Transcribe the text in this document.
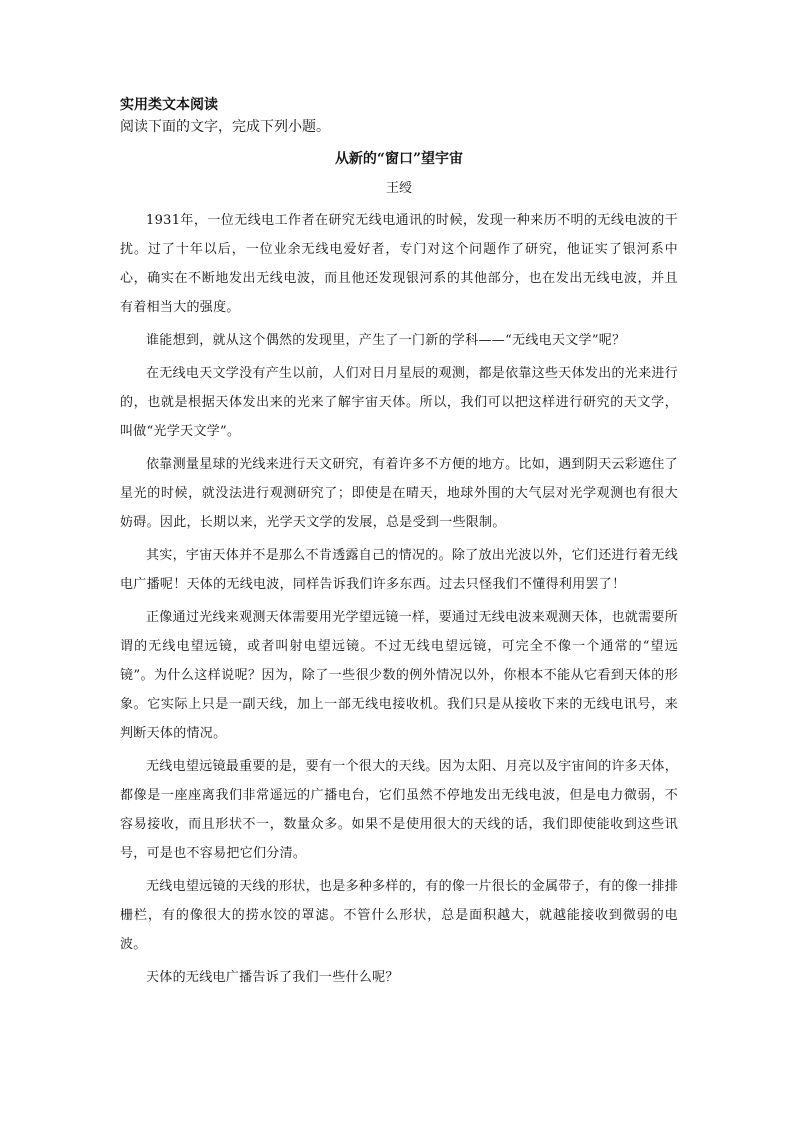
实用类文本阅读

阅读下面的文字，完成下列小题。

从新的“窗口”望宇宙

王绶

1931年，一位无线电工作者在研究无线电通讯的时候，发现一种来历不明的无线电波的干扰。过了十年以后，一位业余无线电爱好者，专门对这个问题作了研究，他证实了银河系中心，确实在不断地发出无线电波，而且他还发现银河系的其他部分，也在发出无线电波，并且有着相当大的强度。

谁能想到，就从这个偶然的发现里，产生了一门新的学科——“无线电天文学”呢？

在无线电天文学没有产生以前，人们对日月星辰的观测，都是依靠这些天体发出的光来进行的，也就是根据天体发出来的光来了解宇宙天体。所以，我们可以把这样进行研究的天文学，叫做“光学天文学”。

依靠测量星球的光线来进行天文研究，有着许多不方便的地方。比如，遇到阴天云彩遮住了星光的时候，就没法进行观测研究了；即使是在晴天，地球外围的大气层对光学观测也有很大妨碍。因此，长期以来，光学天文学的发展，总是受到一些限制。

其实，宇宙天体并不是那么不肯透露自己的情况的。除了放出光波以外，它们还进行着无线电广播呢！天体的无线电波，同样告诉我们许多东西。过去只怪我们不懂得利用罢了！

正像通过光线来观测天体需要用光学望远镜一样，要通过无线电波来观测天体，也就需要所谓的无线电望远镜，或者叫射电望远镜。不过无线电望远镜，可完全不像一个通常的“望远镜”。为什么这样说呢？因为，除了一些很少数的例外情况以外，你根本不能从它看到天体的形象。它实际上只是一副天线，加上一部无线电接收机。我们只是从接收下来的无线电讯号，来判断天体的情况。

无线电望远镜最重要的是，要有一个很大的天线。因为太阳、月亮以及宇宙间的许多天体，都像是一座座离我们非常遥远的广播电台，它们虽然不停地发出无线电波，但是电力微弱，不容易接收，而且形状不一，数量众多。如果不是使用很大的天线的话，我们即使能收到这些讯号，可是也不容易把它们分清。

无线电望远镜的天线的形状，也是多种多样的，有的像一片很长的金属带子，有的像一排排栅栏，有的像很大的捞水饺的罩滤。不管什么形状，总是面积越大，就越能接收到微弱的电波。

天体的无线电广播告诉了我们一些什么呢？
